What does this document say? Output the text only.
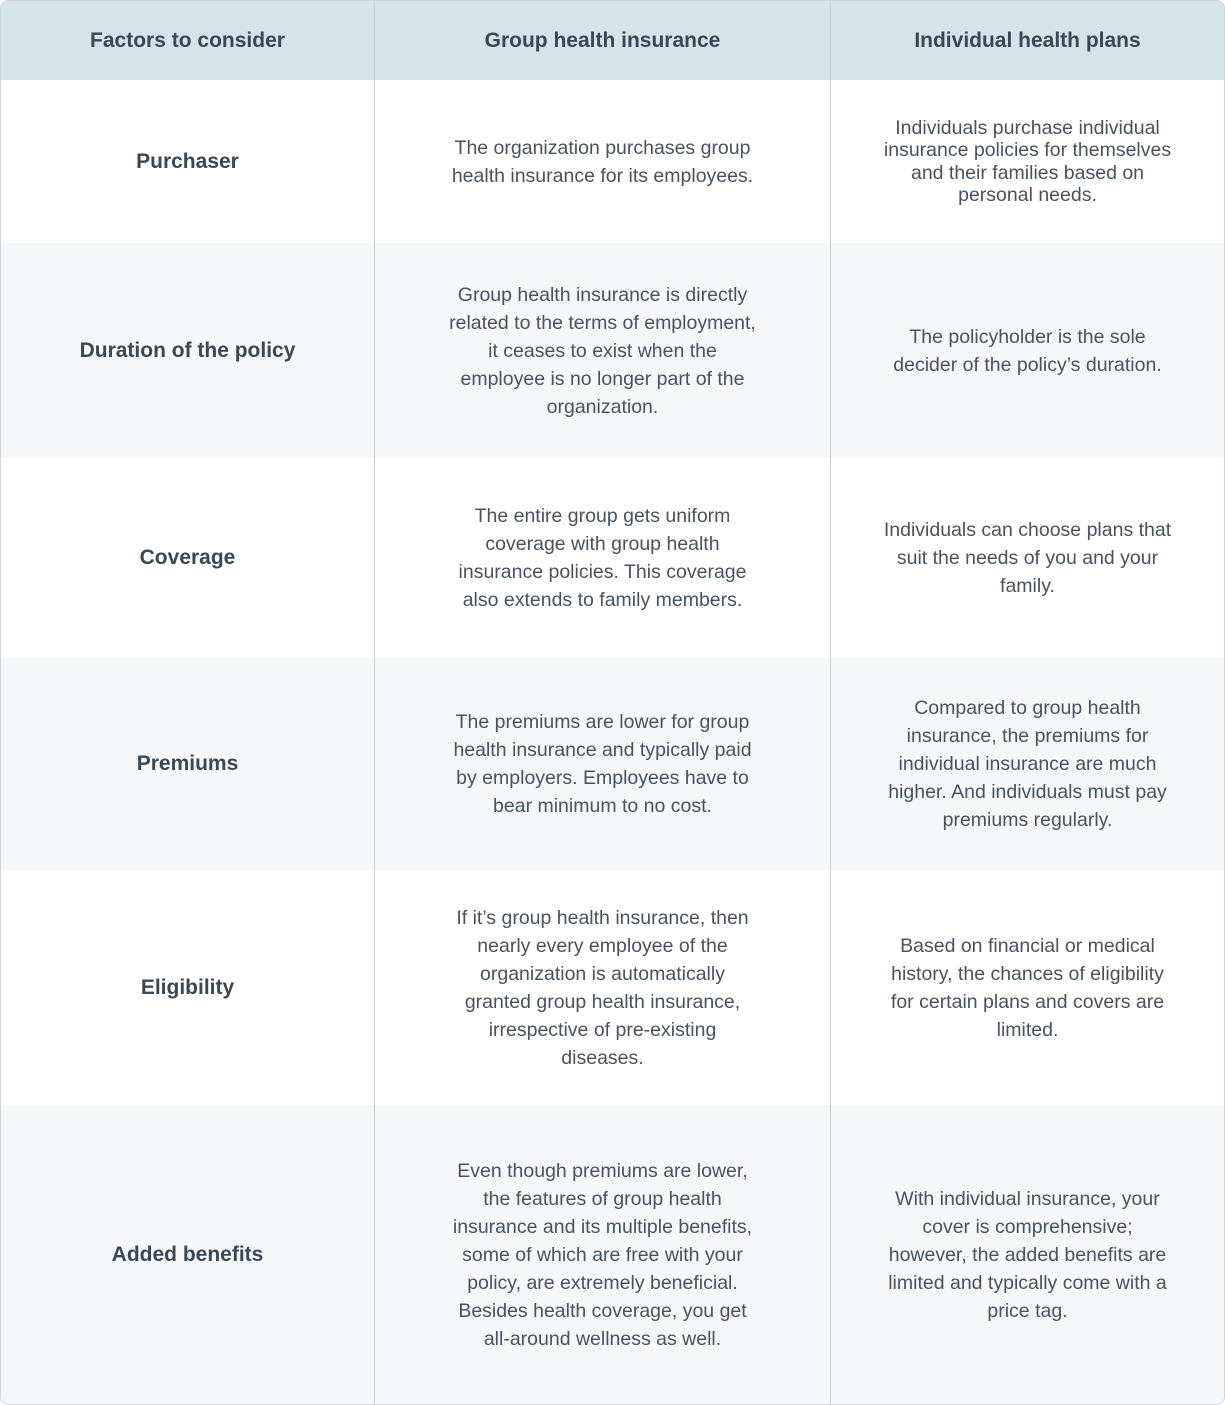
Factors to consider	Group health insurance	Individual health plans
Purchaser
The organization purchases group health insurance for its employees.
Individuals purchase individual insurance policies for themselves and their families based on personal needs.
Duration of the policy
Group health insurance is directly related to the terms of employment, it ceases to exist when the employee is no longer part of the organization.
The policyholder is the sole decider of the policy’s duration.
Coverage
The entire group gets uniform coverage with group health insurance policies. This coverage also extends to family members.
Individuals can choose plans that suit the needs of you and your family.
Premiums
The premiums are lower for group health insurance and typically paid by employers. Employees have to bear minimum to no cost.
Compared to group health insurance, the premiums for individual insurance are much higher. And individuals must pay premiums regularly.
Eligibility
If it’s group health insurance, then nearly every employee of the organization is automatically granted group health insurance, irrespective of pre-existing diseases.
Based on financial or medical history, the chances of eligibility for certain plans and covers are limited.
Added benefits
Even though premiums are lower, the features of group health insurance and its multiple benefits, some of which are free with your policy, are extremely beneficial. Besides health coverage, you get all-around wellness as well.
With individual insurance, your cover is comprehensive; however, the added benefits are limited and typically come with a price tag.
